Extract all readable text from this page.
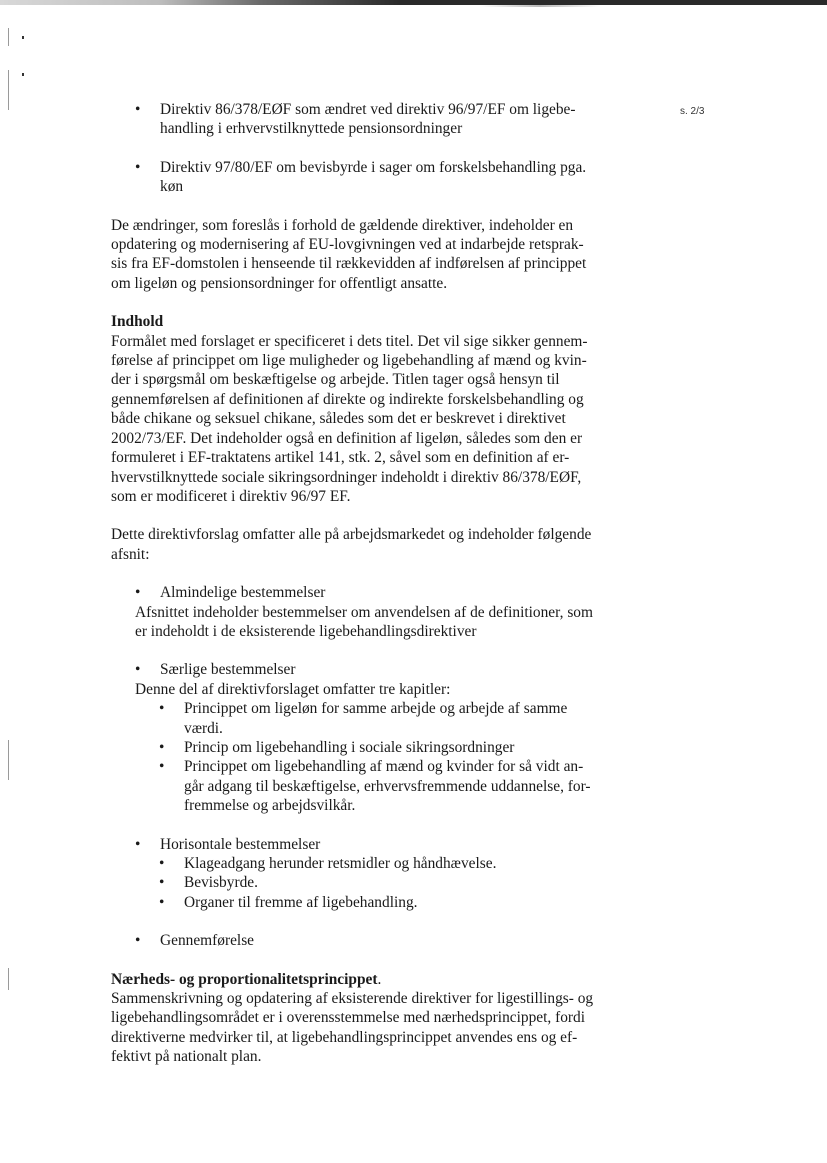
s. 2/3
• Direktiv 86/378/EØF som ændret ved direktiv 96/97/EF om ligebe-
handling i erhvervstilknyttede pensionsordninger
• Direktiv 97/80/EF om bevisbyrde i sager om forskelsbehandling pga.
køn

De ændringer, som foreslås i forhold de gældende direktiver, indeholder en
opdatering og modernisering af EU-lovgivningen ved at indarbejde retsprak-
sis fra EF-domstolen i henseende til rækkevidden af indførelsen af princippet
om ligeløn og pensionsordninger for offentligt ansatte.

Indhold

Formålet med forslaget er specificeret i dets titel. Det vil sige sikker gennem-
førelse af princippet om lige muligheder og ligebehandling af mænd og kvin-
der i spørgsmål om beskæftigelse og arbejde. Titlen tager også hensyn til
gennemførelsen af definitionen af direkte og indirekte forskelsbehandling og
både chikane og seksuel chikane, således som det er beskrevet i direktivet
2002/73/EF. Det indeholder også en definition af ligeløn, således som den er
formuleret i EF-traktatens artikel 141, stk. 2, såvel som en definition af er-
hvervstilknyttede sociale sikringsordninger indeholdt i direktiv 86/378/EØF,
som er modificeret i direktiv 96/97 EF.

Dette direktivforslag omfatter alle på arbejdsmarkedet og indeholder følgende
afsnit:

• Almindelige bestemmelser
Afsnittet indeholder bestemmelser om anvendelsen af de definitioner, som
er indeholdt i de eksisterende ligebehandlingsdirektiver
• Særlige bestemmelser
Denne del af direktivforslaget omfatter tre kapitler:
• Princippet om ligeløn for samme arbejde og arbejde af samme
værdi.
• Princip om ligebehandling i sociale sikringsordninger
• Princippet om ligebehandling af mænd og kvinder for så vidt an-
går adgang til beskæftigelse, erhvervsfremmende uddannelse, for-
fremmelse og arbejdsvilkår.
• Horisontale bestemmelser
• Klageadgang herunder retsmidler og håndhævelse.
• Bevisbyrde.
• Organer til fremme af ligebehandling.
• Gennemførelse
Nærheds- og proportionalitetsprincippet.

Sammenskrivning og opdatering af eksisterende direktiver for ligestillings- og
ligebehandlingsområdet er i overensstemmelse med nærhedsprincippet, fordi
direktiverne medvirker til, at ligebehandlingsprincippet anvendes ens og ef-
fektivt på nationalt plan.
